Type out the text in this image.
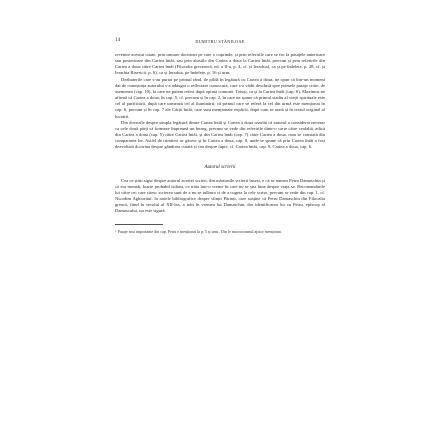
14	DUMITRU STĂNILOAE

revenire acestui citate, prin urmare doctrinei pe care o cuprinde, și prin referirile care se fac la pasajele anterioare sau posterioare din Cartea întâi, sau prin alusiile din Cartea a doua la Cartea întâi, precum și prin referirile din Cartea a doua către Cartea întâi (Filocalia grecească, ed. a II-a, p. 4, cf. și Ierarhia), ca și pe îndelete, p. 28, cf. și Ierarhia Bisericii, p. 6), ca și Ierarhia, pe îndelete, p. 16 și urm.

Dezbaterile care s-au purtat pe primul rând, de pildă în legătură cu Cartea a doua, ne spun că într-un moment dat de cunoștința autorului s-a adăugat o reflectare cunoscută, care s-a vădit deschisă spre primele pasaje citite, de asemenea (cap. 10), la care ne putem referi după opinia comună. Totuși, ca și la Cartea întâi (cap. 6), Maximus ne afirmă că Cartea a doua, în cap. 5, cf. precum și în cap. 2, în care ne spune că primul stadiu al vieții spirituale este cel al purificării, după care urmează cel al iluminării; că primul care se referă la cel din urmă este menționat în cap. 6, precum și în cap. 7 ale Cărții întâi, care sunt menționate explicit, după cum se arată și în textul original al lucrării.

Din dovezile despre simpla legătură dintre Cartea întâi și Cartea a doua rezultă că autorul a considerat necesar ca cele două părți să formeze împreună un întreg, precum se vede din referirile dintr-o carte către cealaltă, adică din Cartea a doua (cap. 5) către Cartea întâi, și din Cartea întâi (cap. 7) către Cartea a doua, cum se constată din compararea lor. Astfel de trimiteri se găsesc și în Cartea a doua, cap. 8, unde se spune că prin Cartea întâi a fost dezvoltată doctrina despre gândirea curată și cea despre fapte, cf. Cartea întâi, cap. 9, Cartea a doua, cap. 6.

Autorul scrierii

Cea ce știm sigur despre autorul acestei scrieri, din mărturiile scrierii înseși, e că se numea Petru Damaschin și că era monah, foarte probabil isihast, ce trăia într-o vreme în care nu se știa bine despre viața sa. Recomandările lui către cei care citesc scrierea sunt de a nu se tulbura ci de a cugeta la cele scrise, precum se vede din cap. 1, cf. Nicodim Aghioritul, în notele bibliografice despre sfinții Părinți, care susține că Petru Damaschin din Filocalia greacă, fiind în secolul al XII-lea, a trăit în vremea lui Damaschin, dar identificarea lui cu Petru, episcop al Damascului, nu este sigură.

$^1$ Pasaje mai importante din cap. Petru e menționat la p. 5 și urm., Din le macrocosmul ajutor menționat.
